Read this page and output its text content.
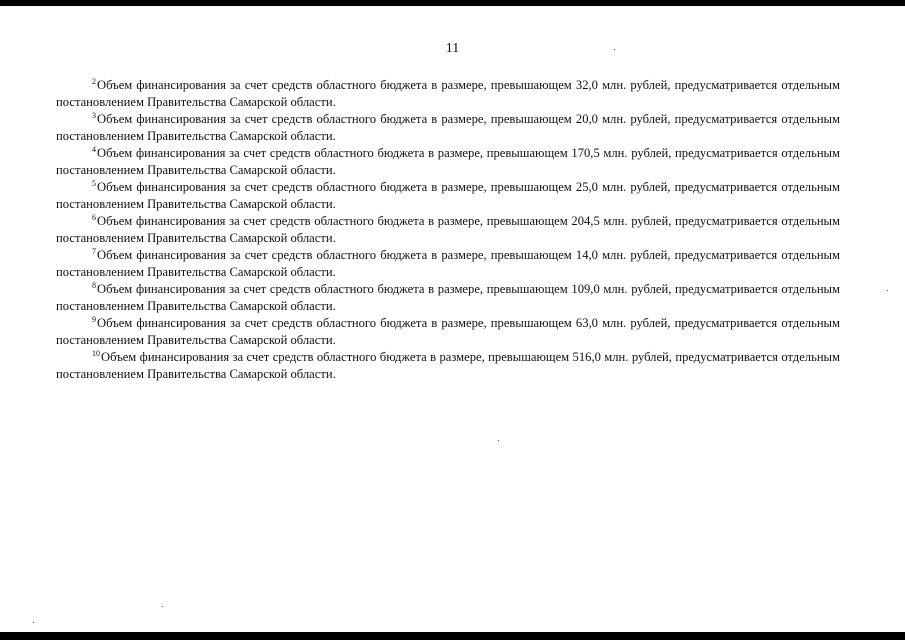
11

$^2$Объем финансирования за счет средств областного бюджета в размере, превышающем 32,0 млн. рублей, предусматривается отдельным постановлением Правительства Самарской области.

$^3$Объем финансирования за счет средств областного бюджета в размере, превышающем 20,0 млн. рублей, предусматривается отдельным постановлением Правительства Самарской области.

$^4$Объем финансирования за счет средств областного бюджета в размере, превышающем 170,5 млн. рублей, предусматривается отдельным постановлением Правительства Самарской области.

$^5$Объем финансирования за счет средств областного бюджета в размере, превышающем 25,0 млн. рублей, предусматривается отдельным постановлением Правительства Самарской области.

$^6$Объем финансирования за счет средств областного бюджета в размере, превышающем 204,5 млн. рублей, предусматривается отдельным постановлением Правительства Самарской области.

$^7$Объем финансирования за счет средств областного бюджета в размере, превышающем 14,0 млн. рублей, предусматривается отдельным постановлением Правительства Самарской области.

$^8$Объем финансирования за счет средств областного бюджета в размере, превышающем 109,0 млн. рублей, предусматривается отдельным постановлением Правительства Самарской области.

$^9$Объем финансирования за счет средств областного бюджета в размере, превышающем 63,0 млн. рублей, предусматривается отдельным постановлением Правительства Самарской области.

$^{10}$Объем финансирования за счет средств областного бюджета в размере, превышающем 516,0 млн. рублей, предусматривается отдельным постановлением Правительства Самарской области.
